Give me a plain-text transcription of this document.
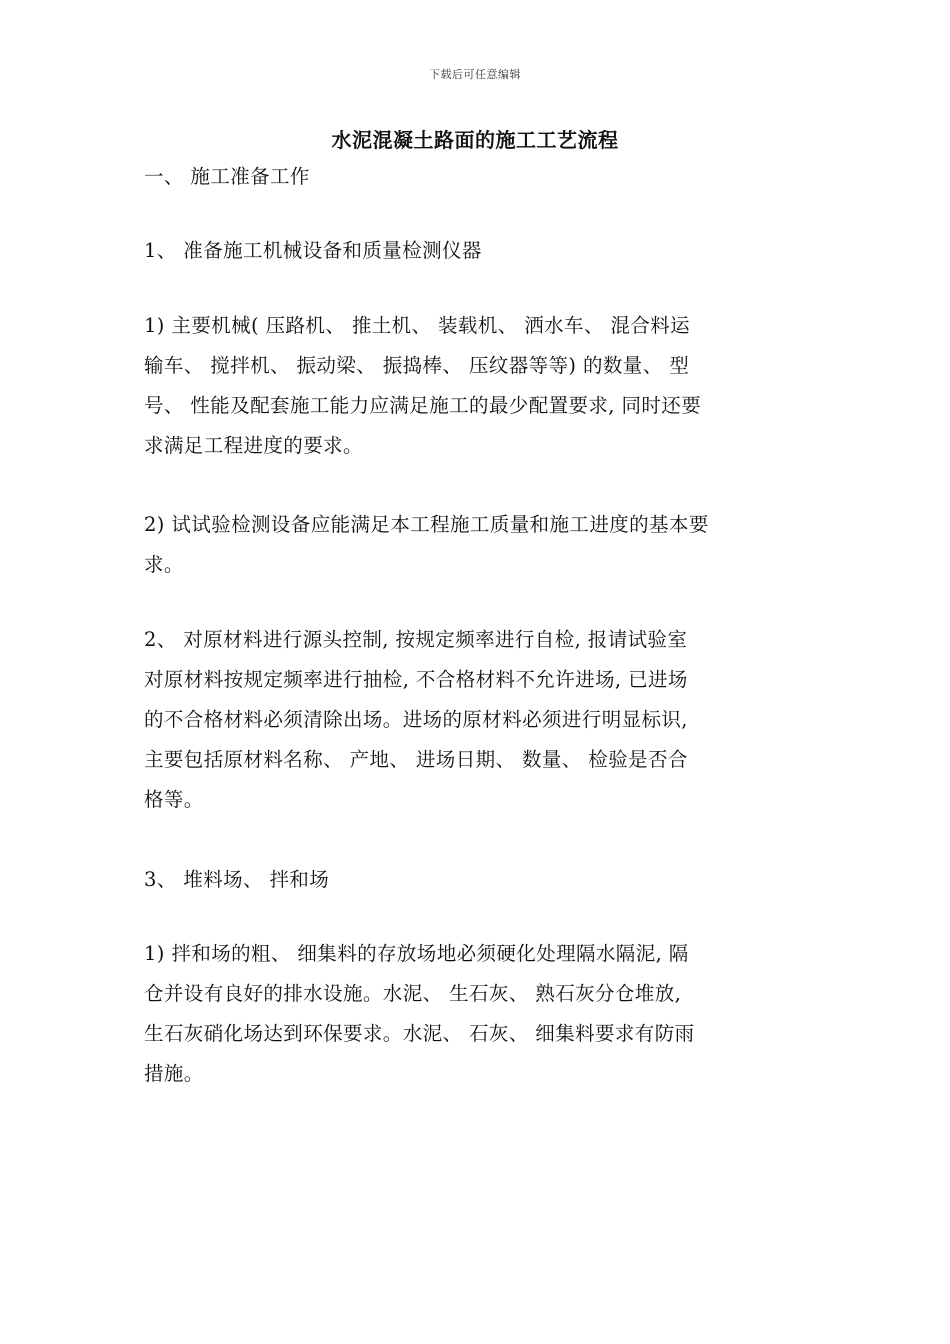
下载后可任意编辑
水泥混凝土路面的施工工艺流程
一、 施工准备工作
1、 准备施工机械设备和质量检测仪器
1) 主要机械( 压路机、 推土机、 装载机、 洒水车、 混合料运
输车、 搅拌机、 振动梁、 振捣棒、 压纹器等等) 的数量、 型
号、 性能及配套施工能力应满足施工的最少配置要求, 同时还要
求满足工程进度的要求。
2) 试试验检测设备应能满足本工程施工质量和施工进度的基本要
求。
2、 对原材料进行源头控制, 按规定频率进行自检, 报请试验室
对原材料按规定频率进行抽检, 不合格材料不允许进场, 已进场
的不合格材料必须清除出场。进场的原材料必须进行明显标识,
主要包括原材料名称、 产地、 进场日期、 数量、 检验是否合
格等。
3、 堆料场、 拌和场
1) 拌和场的粗、 细集料的存放场地必须硬化处理隔水隔泥, 隔
仓并设有良好的排水设施。水泥、 生石灰、 熟石灰分仓堆放,
生石灰硝化场达到环保要求。水泥、 石灰、 细集料要求有防雨
措施。
